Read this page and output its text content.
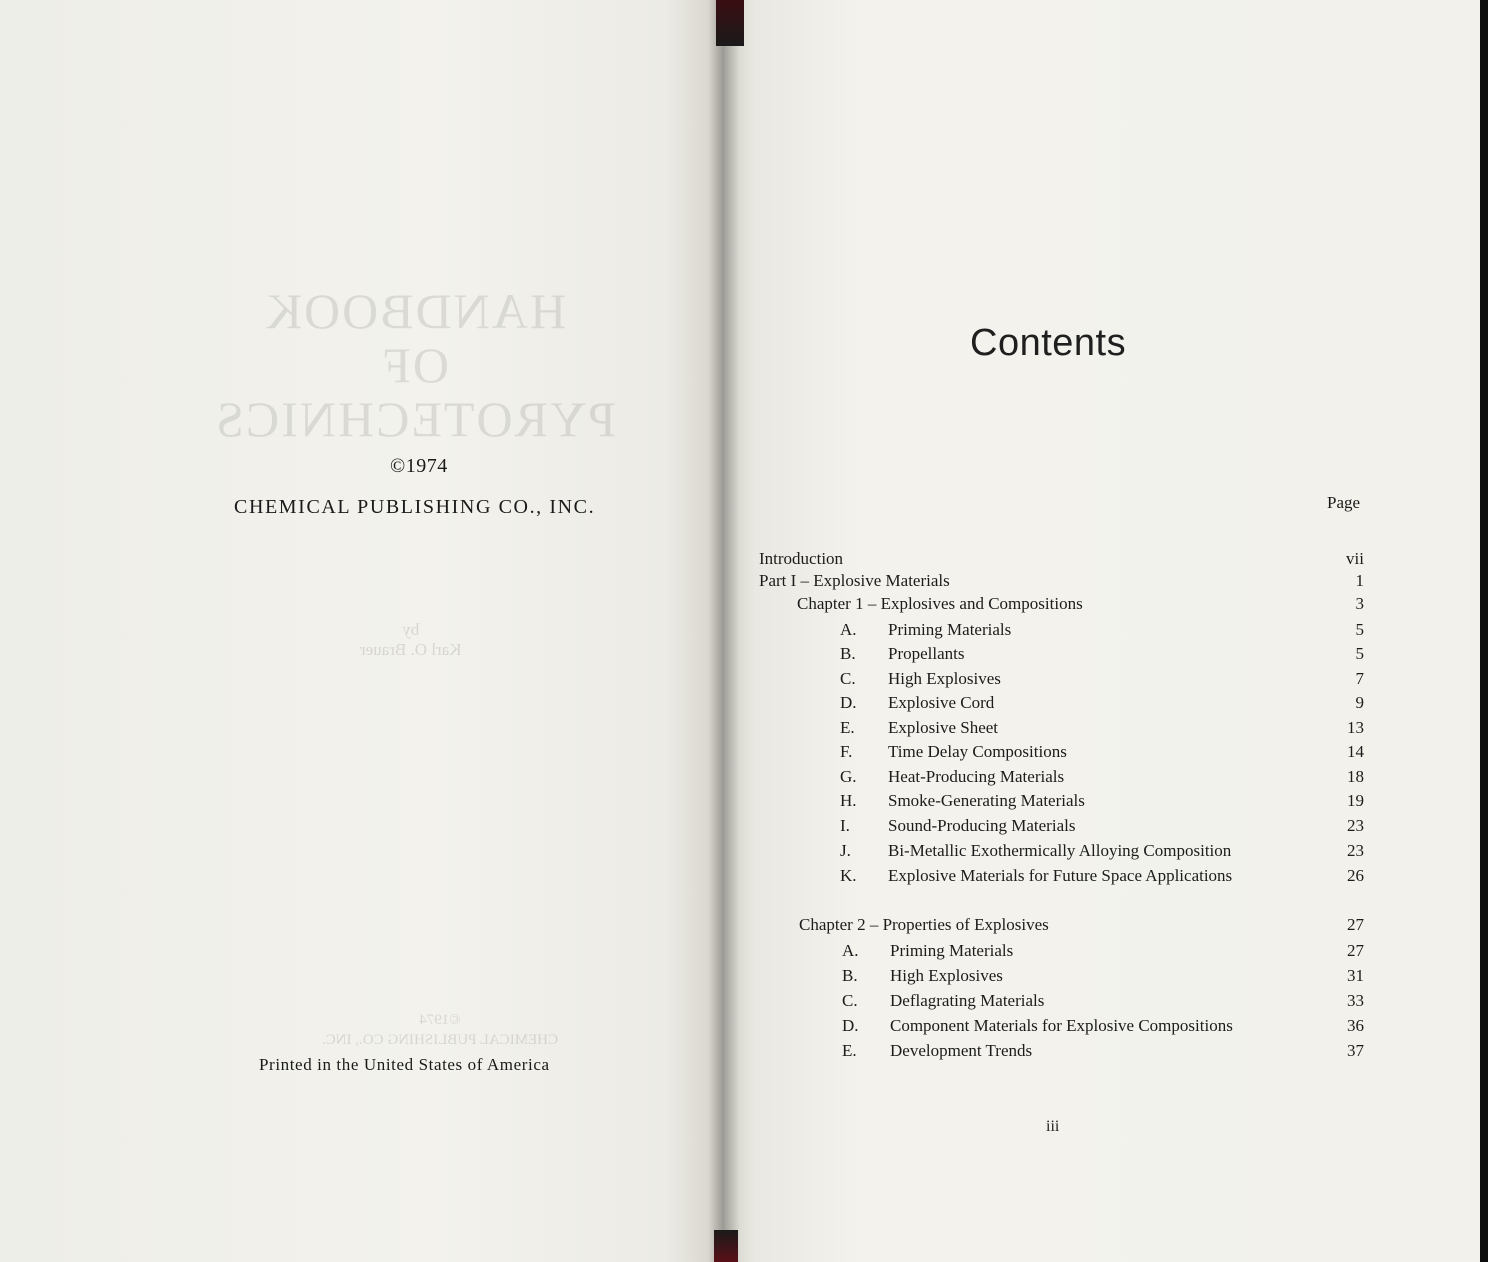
HANDBOOK
OF
PYROTECHNICS
by
Karl O. Brauer
©1974
CHEMICAL PUBLISHING CO., INC.
©1974
CHEMICAL PUBLISHING CO., INC.
Printed in the United States of America
Contents
Page
Introduction	vii
Part I – Explosive Materials	1
Chapter 1 – Explosives and Compositions	3
A. Priming Materials	5
B. Propellants	5
C. High Explosives	7
D. Explosive Cord	9
E. Explosive Sheet	13
F. Time Delay Compositions	14
G. Heat-Producing Materials	18
H. Smoke-Generating Materials	19
I. Sound-Producing Materials	23
J. Bi-Metallic Exothermically Alloying Composition	23
K. Explosive Materials for Future Space Applications	26
Chapter 2 – Properties of Explosives	27
A. Priming Materials	27
B. High Explosives	31
C. Deflagrating Materials	33
D. Component Materials for Explosive Compositions	36
E. Development Trends	37
iii
